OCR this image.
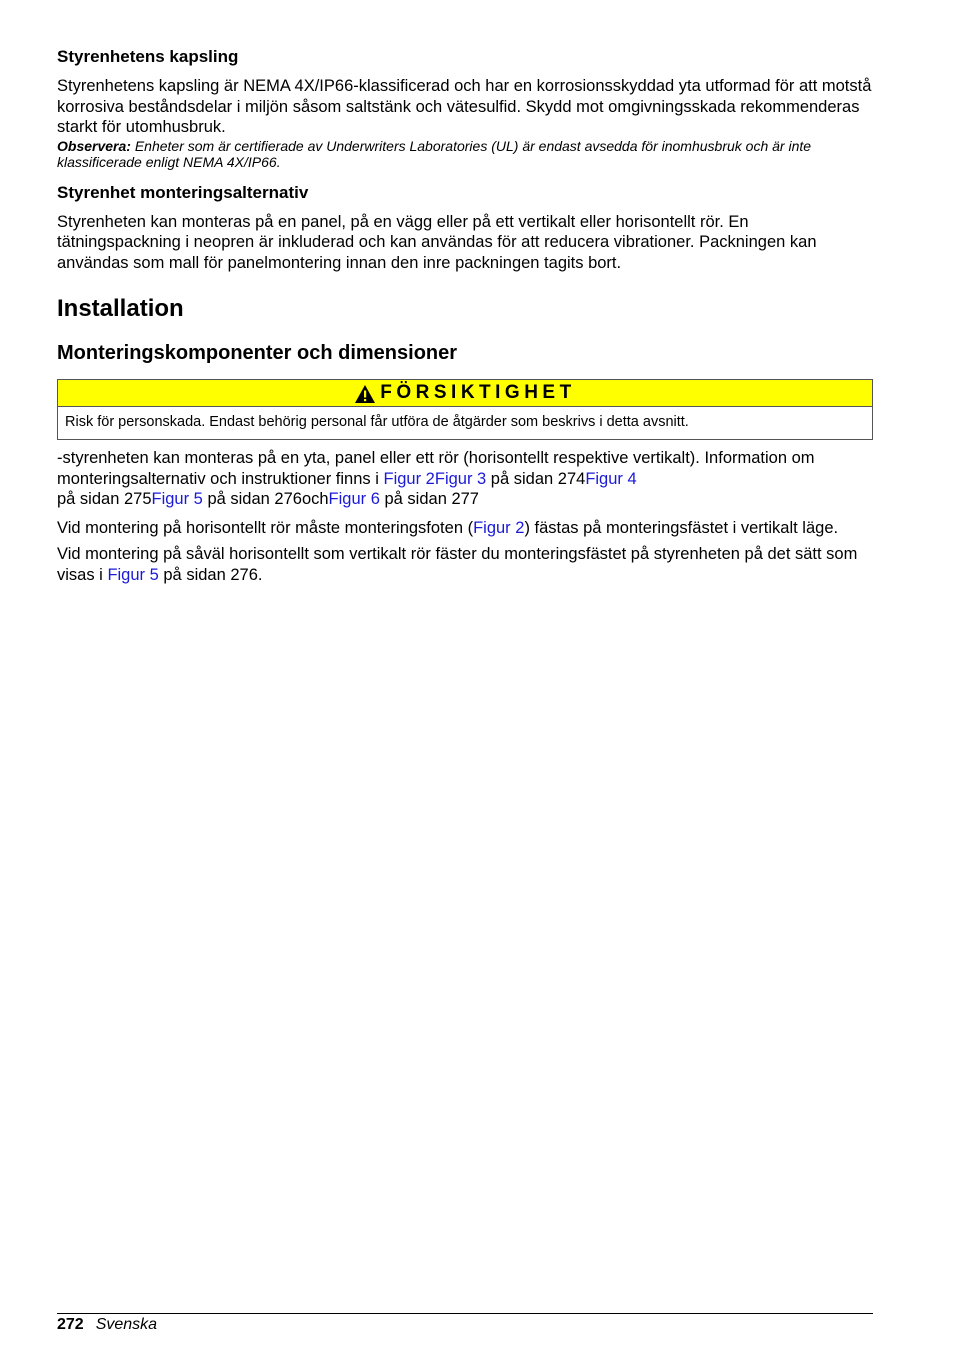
Styrenhetens kapsling

Styrenhetens kapsling är NEMA 4X/IP66-klassificerad och har en korrosionsskyddad yta utformad för att motstå korrosiva beståndsdelar i miljön såsom saltstänk och vätesulfid. Skydd mot omgivningsskada rekommenderas starkt för utomhusbruk.

Observera: Enheter som är certifierade av Underwriters Laboratories (UL) är endast avsedda för inomhusbruk och är inte klassificerade enligt NEMA 4X/IP66.

Styrenhet monteringsalternativ

Styrenheten kan monteras på en panel, på en vägg eller på ett vertikalt eller horisontellt rör. En tätningspackning i neopren är inkluderad och kan användas för att reducera vibrationer. Packningen kan användas som mall för panelmontering innan den inre packningen tagits bort.

Installation
Monteringskomponenter och dimensioner
FÖRSIKTIGHET
Risk för personskada. Endast behörig personal får utföra de åtgärder som beskrivs i detta avsnitt.

-styrenheten kan monteras på en yta, panel eller ett rör (horisontellt respektive vertikalt). Information om monteringsalternativ och instruktioner finns i Figur 2Figur 3 på sidan 274Figur 4
på sidan 275Figur 5 på sidan 276ochFigur 6 på sidan 277

Vid montering på horisontellt rör måste monteringsfoten (Figur 2) fästas på monteringsfästet i vertikalt läge.

Vid montering på såväl horisontellt som vertikalt rör fäster du monteringsfästet på styrenheten på det sätt som visas i Figur 5 på sidan 276.

272 Svenska
